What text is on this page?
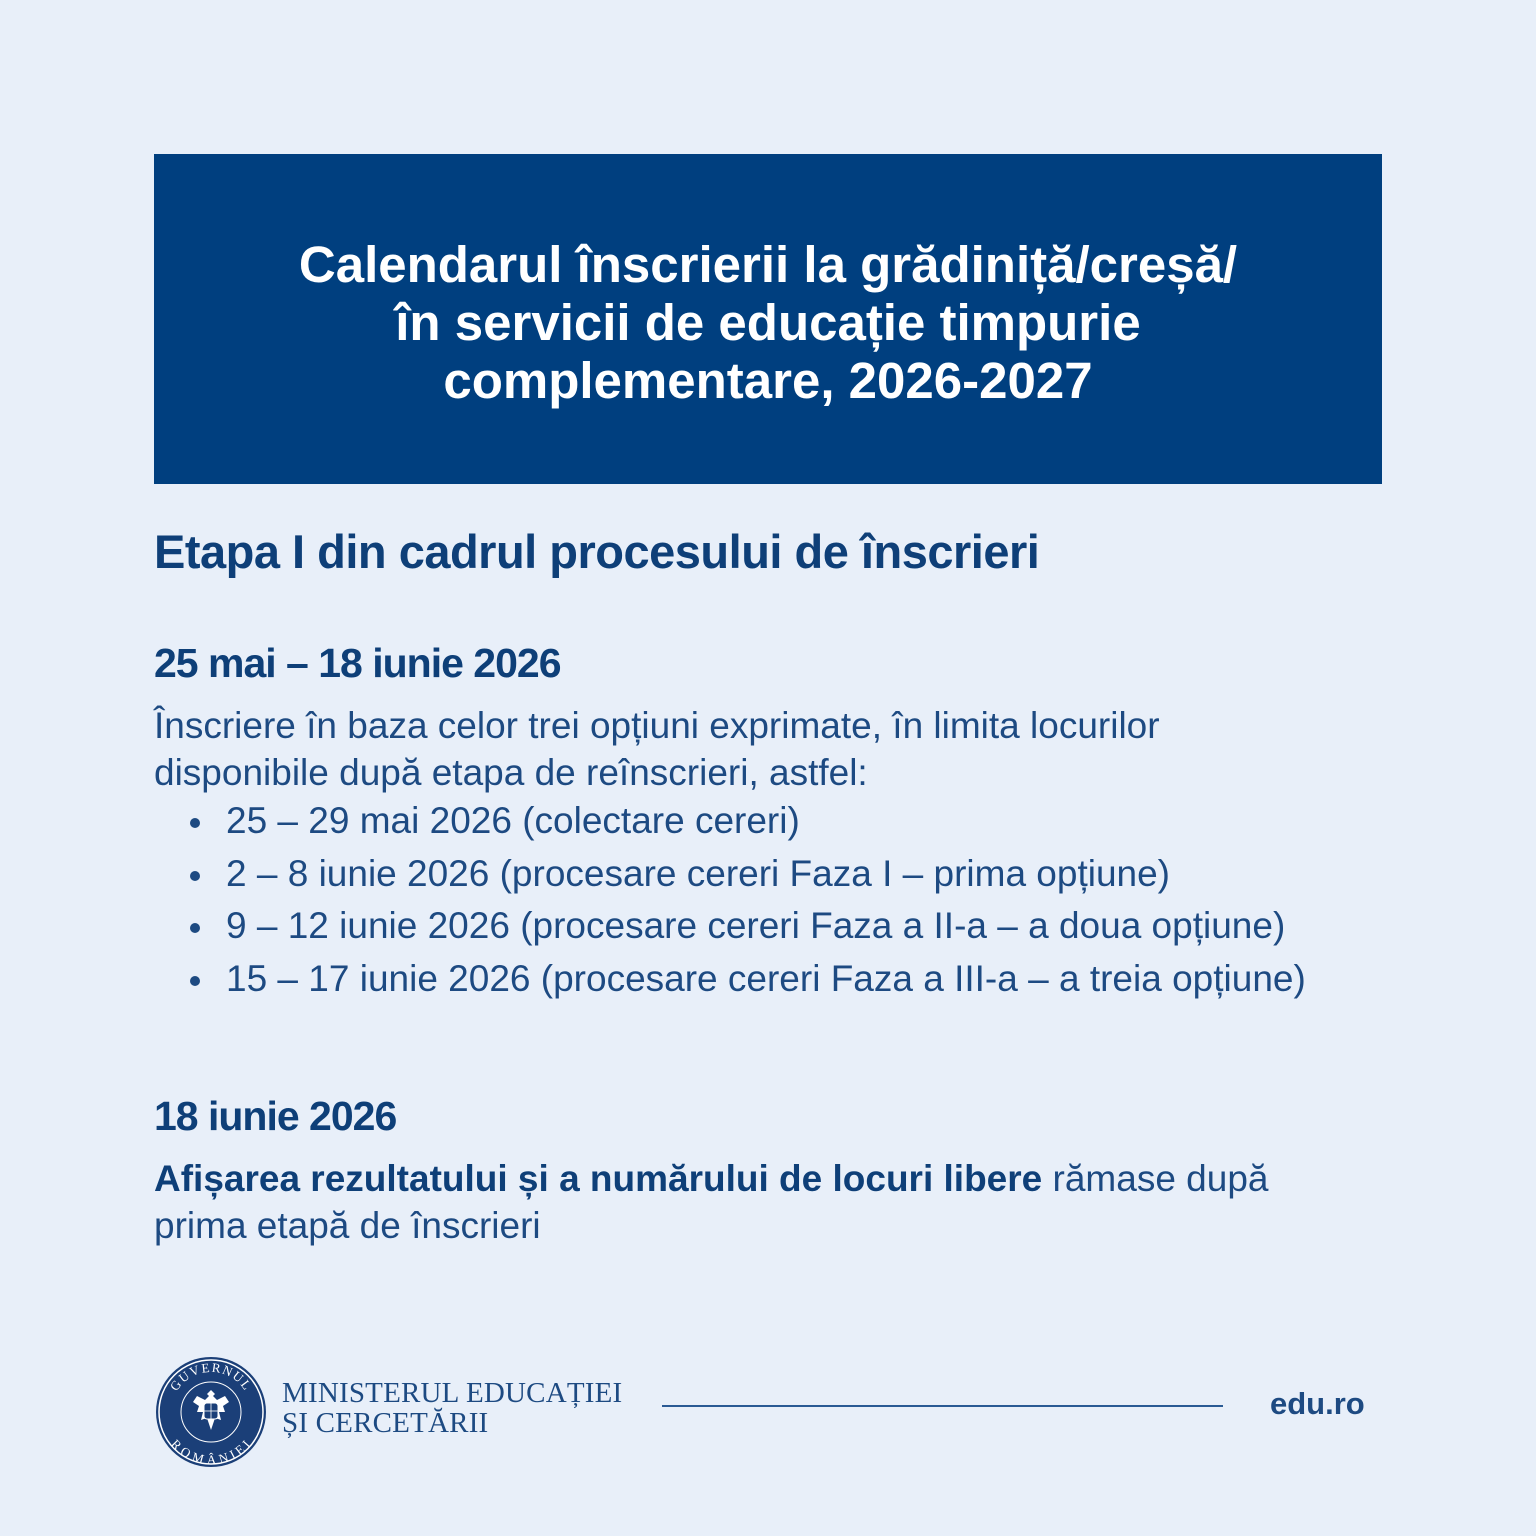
Calendarul înscrierii la grădiniță/creșă/
în servicii de educație timpurie
complementare, 2026-2027
Etapa I din cadrul procesului de înscrieri
25 mai – 18 iunie 2026

Înscriere în baza celor trei opțiuni exprimate, în limita locurilor
disponibile după etapa de reînscrieri, astfel:

25 – 29 mai 2026 (colectare cereri)
2 – 8 iunie 2026 (procesare cereri Faza I – prima opțiune)
9 – 12 iunie 2026 (procesare cereri Faza a II-a – a doua opțiune)
15 – 17 iunie 2026 (procesare cereri Faza a III-a – a treia opțiune)
18 iunie 2026

Afișarea rezultatului și a numărului de locuri libere rămase după
prima etapă de înscrieri

GUVERNUL
ROMÂNIEI
MINISTERUL EDUCAȚIEI
ȘI CERCETĂRII
edu.ro
